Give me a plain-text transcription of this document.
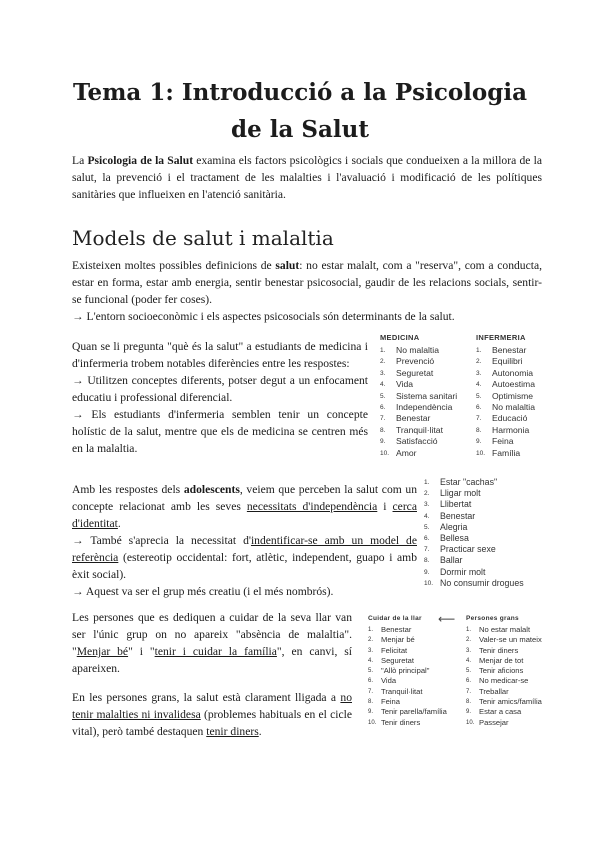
Tema 1: Introducció a la Psicologia de la Salut
La Psicologia de la Salut examina els factors psicològics i socials que condueixen a la millora de la salut, la prevenció i el tractament de les malalties i l'avaluació i modificació de les polítiques sanitàries que influeixen en l'atenció sanitària.
Models de salut i malaltia
Existeixen moltes possibles definicions de salut: no estar malalt, com a "reserva", com a conducta, estar en forma, estar amb energia, sentir benestar psicosocial, gaudir de les relacions socials, sentir-se funcional (poder fer coses).
→ L'entorn socioeconòmic i els aspectes psicosocials són determinants de la salut.
Quan se li pregunta "què és la salut" a estudiants de medicina i d'infermeria trobem notables diferències entre les respostes:
→ Utilitzen conceptes diferents, potser degut a un enfocament educatiu i professional diferencial.
→ Els estudiants d'infermeria semblen tenir un concepte holístic de la salut, mentre que els de medicina se centren més en la malaltia.
MEDICINA
1.	No malaltia
2.	Prevenció
3.	Seguretat
4.	Vida
5.	Sistema sanitari
6.	Independència
7.	Benestar
8.	Tranquil·litat
9.	Satisfacció
10. Amor
INFERMERIA
1.	Benestar
2.	Equilibri
3.	Autonomia
4.	Autoestima
5.	Optimisme
6.	No malaltia
7.	Educació
8.	Harmonia
9.	Feina
10. Família
Amb les respostes dels adolescents, veiem que perceben la salut com un concepte relacionat amb les seves necessitats d'independència i cerca d'identitat.
→ També s'aprecia la necessitat d'indentificar-se amb un model de referència (estereotip occidental: fort, atlètic, independent, guapo i amb èxit social).
→ Aquest va ser el grup més creatiu (i el més nombrós).
1.	Estar "cachas"
2.	Lligar molt
3.	Llibertat
4.	Benestar
5.	Alegria
6.	Bellesa
7.	Practicar sexe
8.	Ballar
9.	Dormir molt
10. No consumir drogues
Les persones que es dediquen a cuidar de la seva llar van ser l'únic grup on no apareix "absència de malaltia". "Menjar bé" i "tenir i cuidar la família", en canvi, sí apareixen.
En les persones grans, la salut està clarament lligada a no tenir malalties ni invalidesa (problemes habituals en el cicle vital), però també destaquen tenir diners.
Cuidar de la llar
1.	Benestar
2.	Menjar bé
3.	Felicitat
4.	Seguretat
5.	"Allò principal"
6.	Vida
7.	Tranquil·litat
8.	Feina
9.	Tenir parella/família
10. Tenir diners
⟵ Persones grans
1.	No estar malalt
2.	Valer-se un mateix
3.	Tenir diners
4.	Menjar de tot
5.	Tenir aficions
6.	No medicar-se
7.	Treballar
8.	Tenir amics/família
9.	Estar a casa
10. Passejar
